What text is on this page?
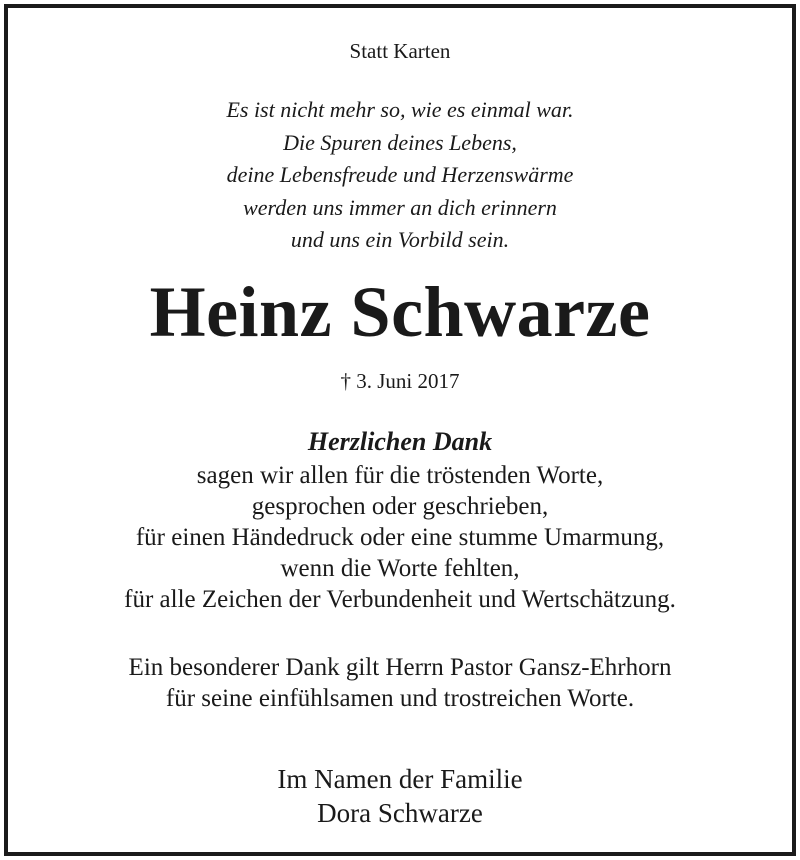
Statt Karten
Es ist nicht mehr so, wie es einmal war.
Die Spuren deines Lebens,
deine Lebensfreude und Herzenswärme
werden uns immer an dich erinnern
und uns ein Vorbild sein.
Heinz Schwarze
† 3. Juni 2017
Herzlichen Dank
sagen wir allen für die tröstenden Worte,
gesprochen oder geschrieben,
für einen Händedruck oder eine stumme Umarmung,
wenn die Worte fehlten,
für alle Zeichen der Verbundenheit und Wertschätzung.
Ein besonderer Dank gilt Herrn Pastor Gansz-Ehrhorn
für seine einfühlsamen und trostreichen Worte.
Im Namen der Familie
Dora Schwarze
